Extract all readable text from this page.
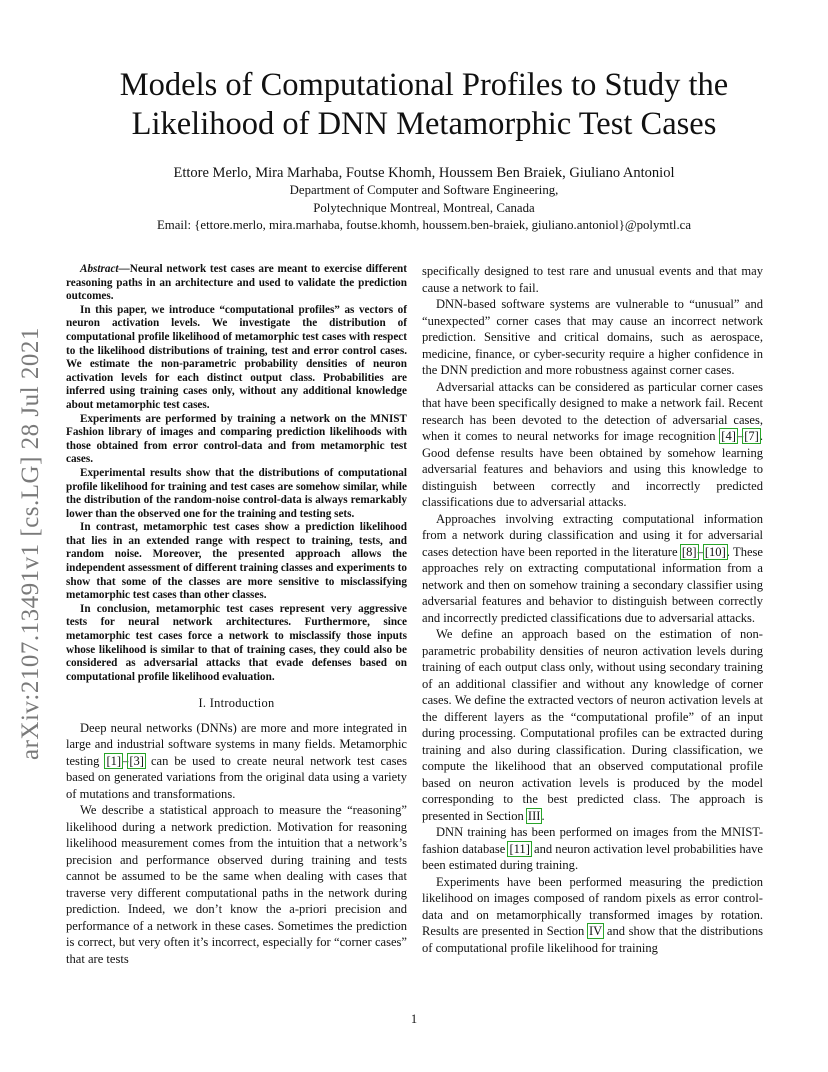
arXiv:2107.13491v1 [cs.LG] 28 Jul 2021
Models of Computational Profiles to Study the
Likelihood of DNN Metamorphic Test Cases
Ettore Merlo, Mira Marhaba, Foutse Khomh, Houssem Ben Braiek, Giuliano Antoniol
Department of Computer and Software Engineering,
Polytechnique Montreal, Montreal, Canada
Email: {ettore.merlo, mira.marhaba, foutse.khomh, houssem.ben-braiek, giuliano.antoniol}@polymtl.ca

Abstract—Neural network test cases are meant to exercise different reasoning paths in an architecture and used to validate the prediction outcomes.

In this paper, we introduce “computational profiles” as vectors of neuron activation levels. We investigate the distribution of computational profile likelihood of metamorphic test cases with respect to the likelihood distributions of training, test and error control cases. We estimate the non-parametric probability densities of neuron activation levels for each distinct output class. Probabilities are inferred using training cases only, without any additional knowledge about metamorphic test cases.

Experiments are performed by training a network on the MNIST Fashion library of images and comparing prediction likelihoods with those obtained from error control-data and from metamorphic test cases.

Experimental results show that the distributions of computational profile likelihood for training and test cases are somehow similar, while the distribution of the random-noise control-data is always remarkably lower than the observed one for the training and testing sets.

In contrast, metamorphic test cases show a prediction likelihood that lies in an extended range with respect to training, tests, and random noise. Moreover, the presented approach allows the independent assessment of different training classes and experiments to show that some of the classes are more sensitive to misclassifying metamorphic test cases than other classes.

In conclusion, metamorphic test cases represent very aggressive tests for neural network architectures. Furthermore, since metamorphic test cases force a network to misclassify those inputs whose likelihood is similar to that of training cases, they could also be considered as adversarial attacks that evade defenses based on computational profile likelihood evaluation.

I. Introduction

Deep neural networks (DNNs) are more and more integrated in large and industrial software systems in many fields. Metamorphic testing [1]–[3] can be used to create neural network test cases based on generated variations from the original data using a variety of mutations and transformations.

We describe a statistical approach to measure the “reasoning” likelihood during a network prediction. Motivation for reasoning likelihood measurement comes from the intuition that a network’s precision and performance observed during training and tests cannot be assumed to be the same when dealing with cases that traverse very different computational paths in the network during prediction. Indeed, we don’t know the a-priori precision and performance of a network in these cases. Sometimes the prediction is correct, but very often it’s incorrect, especially for “corner cases” that are tests

specifically designed to test rare and unusual events and that may cause a network to fail.

DNN-based software systems are vulnerable to “unusual” and “unexpected” corner cases that may cause an incorrect network prediction. Sensitive and critical domains, such as aerospace, medicine, finance, or cyber-security require a higher confidence in the DNN prediction and more robustness against corner cases.

Adversarial attacks can be considered as particular corner cases that have been specifically designed to make a network fail. Recent research has been devoted to the detection of adversarial cases, when it comes to neural networks for image recognition [4]–[7]. Good defense results have been obtained by somehow learning adversarial features and behaviors and using this knowledge to distinguish between correctly and incorrectly predicted classifications due to adversarial attacks.

Approaches involving extracting computational information from a network during classification and using it for adversarial cases detection have been reported in the literature [8]–[10]. These approaches rely on extracting computational information from a network and then on somehow training a secondary classifier using adversarial features and behavior to distinguish between correctly and incorrectly predicted classifications due to adversarial attacks.

We define an approach based on the estimation of non-parametric probability densities of neuron activation levels during training of each output class only, without using secondary training of an additional classifier and without any knowledge of corner cases. We define the extracted vectors of neuron activation levels at the different layers as the “computational profile” of an input during processing. Computational profiles can be extracted during training and also during classification. During classification, we compute the likelihood that an observed computational profile based on neuron activation levels is produced by the model corresponding to the best predicted class. The approach is presented in Section III.

DNN training has been performed on images from the MNIST-fashion database [11] and neuron activation level probabilities have been estimated during training.

Experiments have been performed measuring the prediction likelihood on images composed of random pixels as error control-data and on metamorphically transformed images by rotation. Results are presented in Section IV and show that the distributions of computational profile likelihood for training

1
